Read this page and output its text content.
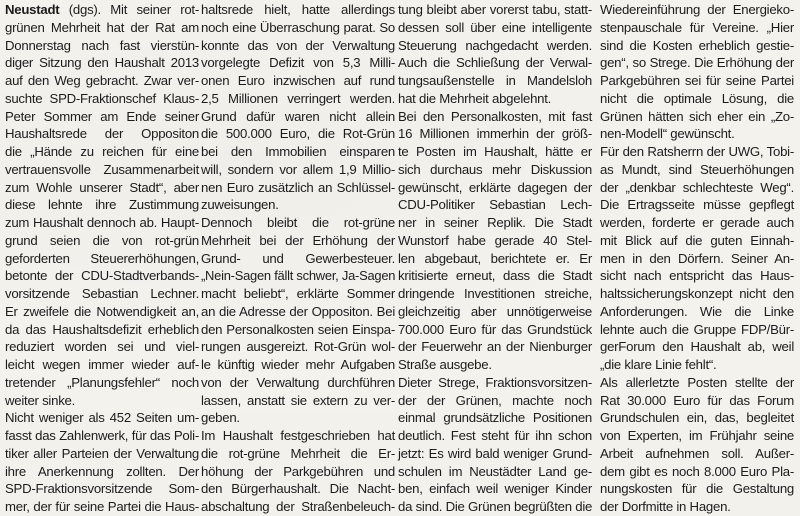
Neustadt (dgs). Mit seiner rot-
grünen Mehrheit hat der Rat am
Donnerstag nach fast vierstün-
diger Sitzung den Haushalt 2013
auf den Weg gebracht. Zwar ver-
suchte SPD-Fraktionschef Klaus-
Peter Sommer am Ende seiner
Haushaltsrede der Oppositon
die „Hände zu reichen für eine
vertrauensvolle Zusammenarbeit
zum Wohle unserer Stadt“, aber
diese lehnte ihre Zustimmung
zum Haushalt dennoch ab. Haupt-
grund seien die von rot-grün
geforderten Steuererhöhungen,
betonte der CDU-Stadtverbands-
vorsitzende Sebastian Lechner.
Er zweifele die Notwendigkeit an,
da das Haushaltsdefizit erheblich
reduziert worden sei und viel-
leicht wegen immer wieder auf-
tretender „Planungsfehler“ noch
weiter sinke.
Nicht weniger als 452 Seiten um-
fasst das Zahlenwerk, für das Poli-
tiker aller Parteien der Verwaltung
ihre Anerkennung zollten. Der
SPD-Fraktionsvorsitzende Som-
mer, der für seine Partei die Haus-
haltsrede hielt, hatte allerdings
noch eine Überraschung parat. So
konnte das von der Verwaltung
vorgelegte Defizit von 5,3 Milli-
onen Euro inzwischen auf rund
2,5 Millionen verringert werden.
Grund dafür waren nicht allein
die 500.000 Euro, die Rot-Grün
bei den Immobilien einsparen
will, sondern vor allem 1,9 Millio-
nen Euro zusätzlich an Schlüssel-
zuweisungen.
Dennoch bleibt die rot-grüne
Mehrheit bei der Erhöhung der
Grund- und Gewerbesteuer.
„Nein-Sagen fällt schwer, Ja-Sagen
macht beliebt“, erklärte Sommer
an die Adresse der Oppositon. Bei
den Personalkosten seien Einspa-
rungen ausgereizt. Rot-Grün wol-
le künftig wieder mehr Aufgaben
von der Verwaltung durchführen
lassen, anstatt sie extern zu ver-
geben.
Im Haushalt festgeschrieben hat
die rot-grüne Mehrheit die Er-
höhung der Parkgebühren und
den Bürgerhaushalt. Die Nacht-
abschaltung der Straßenbeleuch-
tung bleibt aber vorerst tabu, statt-
dessen soll über eine intelligente
Steuerung nachgedacht werden.
Auch die Schließung der Verwal-
tungsaußenstelle in Mandelsloh
hat die Mehrheit abgelehnt.
Bei den Personalkosten, mit fast
16 Millionen immerhin der größ-
te Posten im Haushalt, hätte er
sich durchaus mehr Diskussion
gewünscht, erklärte dagegen der
CDU-Politiker Sebastian Lech-
ner in seiner Replik. Die Stadt
Wunstorf habe gerade 40 Stel-
len abgebaut, berichtete er. Er
kritisierte erneut, dass die Stadt
dringende Investitionen streiche,
gleichzeitig aber unnötigerweise
700.000 Euro für das Grundstück
der Feuerwehr an der Nienburger
Straße ausgebe.
Dieter Strege, Fraktionsvorsitzen-
der der Grünen, machte noch
einmal grundsätzliche Positionen
deutlich. Fest steht für ihn schon
jetzt: Es wird bald weniger Grund-
schulen im Neustädter Land ge-
ben, einfach weil weniger Kinder
da sind. Die Grünen begrüßten die
Wiedereinführung der Energieko-
stenpauschale für Vereine. „Hier
sind die Kosten erheblich gestie-
gen“, so Strege. Die Erhöhung der
Parkgebühren sei für seine Partei
nicht die optimale Lösung, die
Grünen hätten sich eher ein „Zo-
nen-Modell“ gewünscht.
Für den Ratsherrn der UWG, Tobi-
as Mundt, sind Steuerhöhungen
der „denkbar schlechteste Weg“.
Die Ertragsseite müsse gepflegt
werden, forderte er gerade auch
mit Blick auf die guten Einnah-
men in den Dörfern. Seiner An-
sicht nach entspricht das Haus-
haltssicherungskonzept nicht den
Anforderungen. Wie die Linke
lehnte auch die Gruppe FDP/Bür-
gerForum den Haushalt ab, weil
„die klare Linie fehlt“.
Als allerletzte Posten stellte der
Rat 30.000 Euro für das Forum
Grundschulen ein, das, begleitet
von Experten, im Frühjahr seine
Arbeit aufnehmen soll. Außer-
dem gibt es noch 8.000 Euro Pla-
nungskosten für die Gestaltung
der Dorfmitte in Hagen.
